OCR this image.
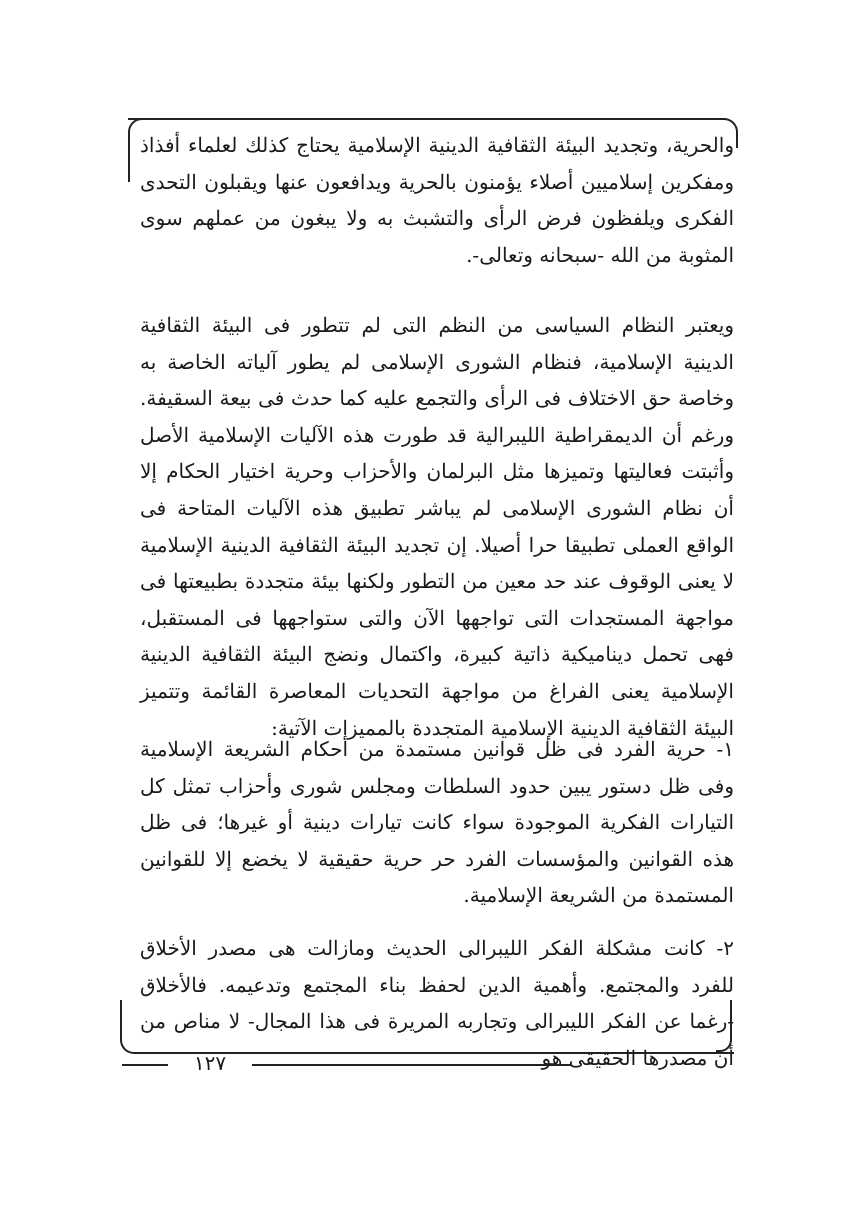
والحرية، وتجديد البيئة الثقافية الدينية الإسلامية يحتاج كذلك لعلماء أفذاذ ومفكرين إسلاميين أصلاء يؤمنون بالحرية ويدافعون عنها ويقبلون التحدى الفكرى ويلفظون فرض الرأى والتشبث به ولا يبغون من عملهم سوى المثوبة من الله -سبحانه وتعالى-.

ويعتبر النظام السياسى من النظم التى لم تتطور فى البيئة الثقافية الدينية الإسلامية، فنظام الشورى الإسلامى لم يطور آلياته الخاصة به وخاصة حق الاختلاف فى الرأى والتجمع عليه كما حدث فى بيعة السقيفة. ورغم أن الديمقراطية الليبرالية قد طورت هذه الآليات الإسلامية الأصل وأثبتت فعاليتها وتميزها مثل البرلمان والأحزاب وحرية اختيار الحكام إلا أن نظام الشورى الإسلامى لم يباشر تطبيق هذه الآليات المتاحة فى الواقع العملى تطبيقا حرا أصيلا. إن تجديد البيئة الثقافية الدينية الإسلامية لا يعنى الوقوف عند حد معين من التطور ولكنها بيئة متجددة بطبيعتها فى مواجهة المستجدات التى تواجهها الآن والتى ستواجهها فى المستقبل، فهى تحمل ديناميكية ذاتية كبيرة، واكتمال ونضج البيئة الثقافية الدينية الإسلامية يعنى الفراغ من مواجهة التحديات المعاصرة القائمة وتتميز البيئة الثقافية الدينية الإسلامية المتجددة بالمميزات الآتية:

١- حرية الفرد فى ظل قوانين مستمدة من أحكام الشريعة الإسلامية وفى ظل دستور يبين حدود السلطات ومجلس شورى وأحزاب تمثل كل التيارات الفكرية الموجودة سواء كانت تيارات دينية أو غيرها؛ فى ظل هذه القوانين والمؤسسات الفرد حر حرية حقيقية لا يخضع إلا للقوانين المستمدة من الشريعة الإسلامية.

٢- كانت مشكلة الفكر الليبرالى الحديث ومازالت هى مصدر الأخلاق للفرد والمجتمع. وأهمية الدين لحفظ بناء المجتمع وتدعيمه. فالأخلاق -رغما عن الفكر الليبرالى وتجاربه المريرة فى هذا المجال- لا مناص من أن مصدرها الحقيقى هو

١٢٧
